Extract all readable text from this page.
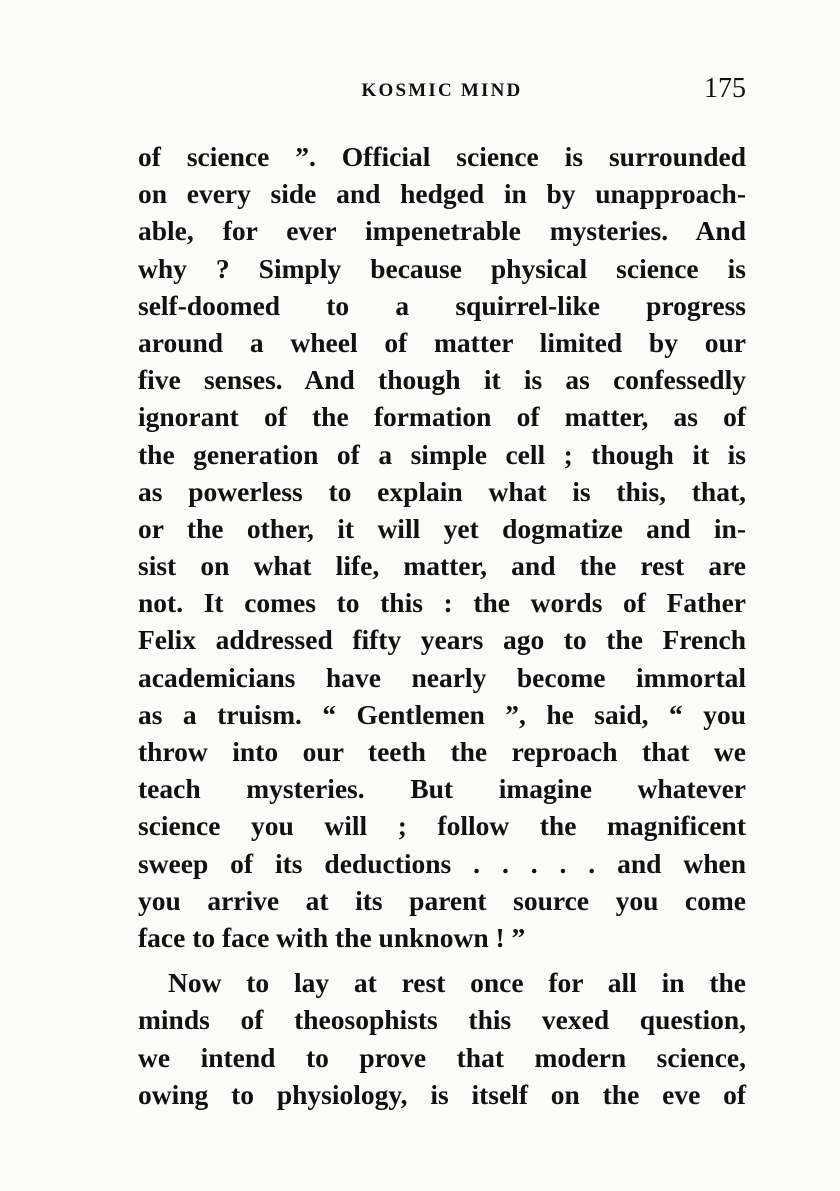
KOSMIC MIND	175
of science ”. Official science is surrounded
on every side and hedged in by unapproach-
able, for ever impenetrable mysteries. And
why ? Simply because physical science is
self-doomed to a squirrel-like progress
around a wheel of matter limited by our
five senses. And though it is as confessedly
ignorant of the formation of matter, as of
the generation of a simple cell ; though it is
as powerless to explain what is this, that,
or the other, it will yet dogmatize and in-
sist on what life, matter, and the rest are
not. It comes to this : the words of Father
Felix addressed fifty years ago to the French
academicians have nearly become immortal
as a truism. “ Gentlemen ”, he said, “ you
throw into our teeth the reproach that we
teach mysteries. But imagine whatever
science you will ; follow the magnificent
sweep of its deductions . . . . . and when
you arrive at its parent source you come
face to face with the unknown ! ”
Now to lay at rest once for all in the
minds of theosophists this vexed question,
we intend to prove that modern science,
owing to physiology, is itself on the eve of
